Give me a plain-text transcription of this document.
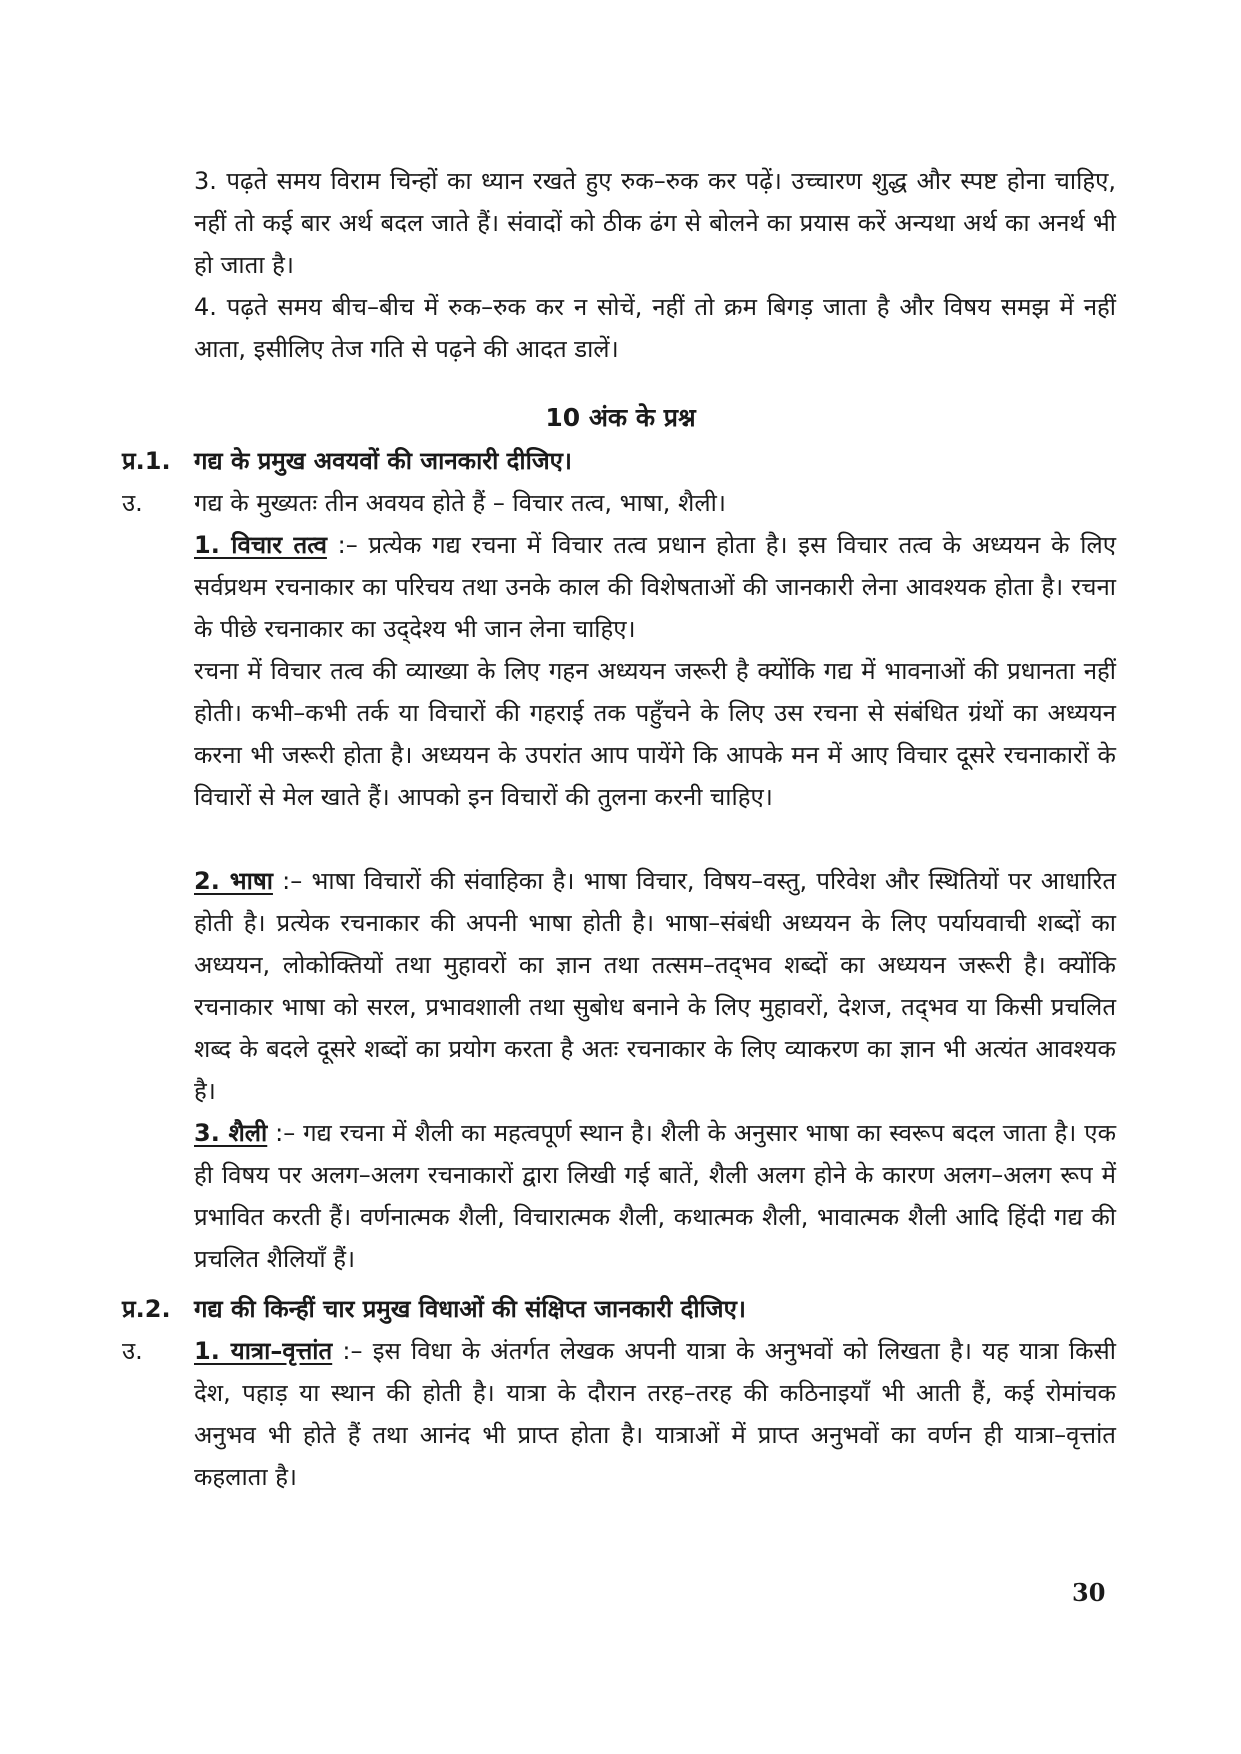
3. पढ़ते समय विराम चिन्हों का ध्यान रखते हुए रुक–रुक कर पढ़ें। उच्चारण शुद्ध और स्पष्ट होना चाहिए, नहीं तो कई बार अर्थ बदल जाते हैं। संवादों को ठीक ढंग से बोलने का प्रयास करें अन्यथा अर्थ का अनर्थ भी हो जाता है।

4. पढ़ते समय बीच–बीच में रुक–रुक कर न सोचें, नहीं तो क्रम बिगड़ जाता है और विषय समझ में नहीं आता, इसीलिए तेज गति से पढ़ने की आदत डालें।

10 अंक के प्रश्न

प्र.1. गद्य के प्रमुख अवयवों की जानकारी दीजिए।

उ. गद्य के मुख्यतः तीन अवयव होते हैं – विचार तत्व, भाषा, शैली।

1. विचार तत्व :– प्रत्येक गद्य रचना में विचार तत्व प्रधान होता है। इस विचार तत्व के अध्ययन के लिए सर्वप्रथम रचनाकार का परिचय तथा उनके काल की विशेषताओं की जानकारी लेना आवश्यक होता है। रचना के पीछे रचनाकार का उद्‌देश्य भी जान लेना चाहिए।

रचना में विचार तत्व की व्याख्या के लिए गहन अध्ययन जरूरी है क्योंकि गद्य में भावनाओं की प्रधानता नहीं होती। कभी–कभी तर्क या विचारों की गहराई तक पहुँचने के लिए उस रचना से संबंधित ग्रंथों का अध्ययन करना भी जरूरी होता है। अध्ययन के उपरांत आप पायेंगे कि आपके मन में आए विचार दूसरे रचनाकारों के विचारों से मेल खाते हैं। आपको इन विचारों की तुलना करनी चाहिए।

2. भाषा :– भाषा विचारों की संवाहिका है। भाषा विचार, विषय–वस्तु, परिवेश और स्थितियों पर आधारित होती है। प्रत्येक रचनाकार की अपनी भाषा होती है। भाषा–संबंधी अध्ययन के लिए पर्यायवाची शब्दों का अध्ययन, लोकोक्तियों तथा मुहावरों का ज्ञान तथा तत्सम–तद्‌भव शब्दों का अध्ययन जरूरी है। क्योंकि रचनाकार भाषा को सरल, प्रभावशाली तथा सुबोध बनाने के लिए मुहावरों, देशज, तद्‌भव या किसी प्रचलित शब्द के बदले दूसरे शब्दों का प्रयोग करता है अतः रचनाकार के लिए व्याकरण का ज्ञान भी अत्यंत आवश्यक है।

3. शैली :– गद्य रचना में शैली का महत्वपूर्ण स्थान है। शैली के अनुसार भाषा का स्वरूप बदल जाता है। एक ही विषय पर अलग–अलग रचनाकारों द्वारा लिखी गई बातें, शैली अलग होने के कारण अलग–अलग रूप में प्रभावित करती हैं। वर्णनात्मक शैली, विचारात्मक शैली, कथात्मक शैली, भावात्मक शैली आदि हिंदी गद्य की प्रचलित शैलियाँ हैं।

प्र.2. गद्य की किन्हीं चार प्रमुख विधाओं की संक्षिप्त जानकारी दीजिए।

उ. 1. यात्रा–वृत्तांत :– इस विधा के अंतर्गत लेखक अपनी यात्रा के अनुभवों को लिखता है। यह यात्रा किसी देश, पहाड़ या स्थान की होती है। यात्रा के दौरान तरह–तरह की कठिनाइयाँ भी आती हैं, कई रोमांचक अनुभव भी होते हैं तथा आनंद भी प्राप्त होता है। यात्राओं में प्राप्त अनुभवों का वर्णन ही यात्रा–वृत्तांत कहलाता है।

30
